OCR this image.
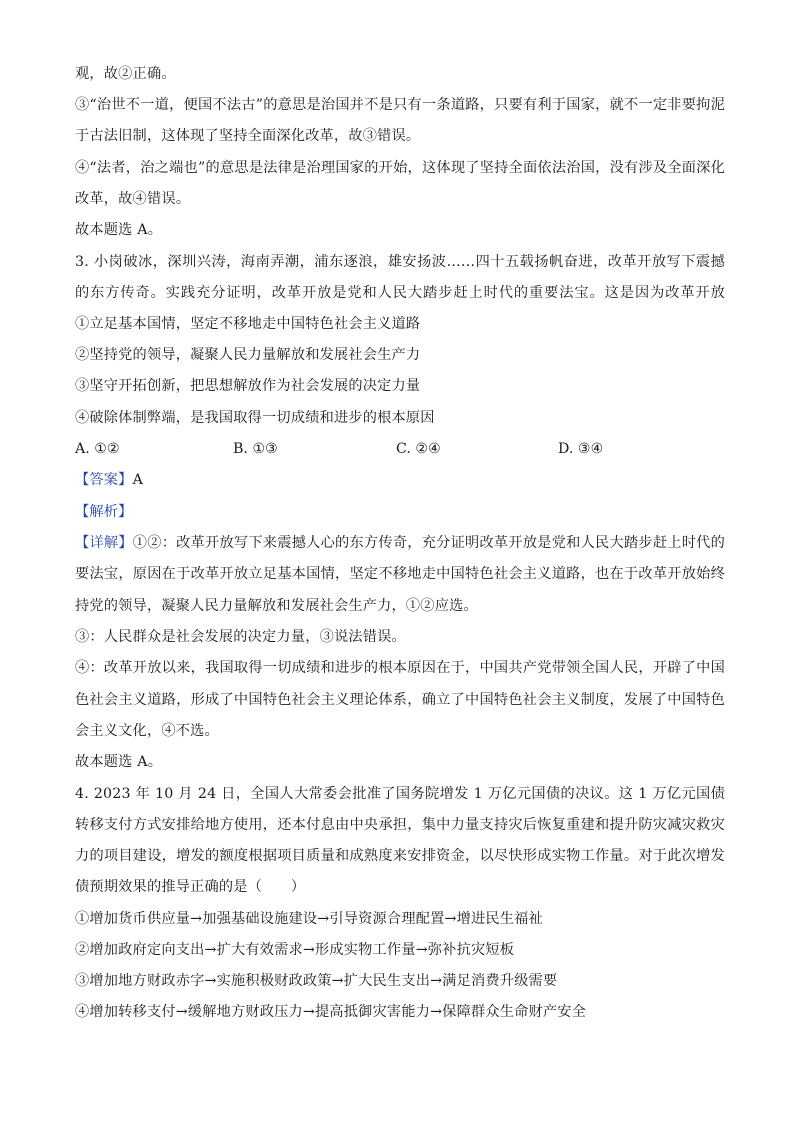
观，故②正确。
③“治世不一道，便国不法古”的意思是治国并不是只有一条道路，只要有利于国家，就不一定非要拘泥
于古法旧制，这体现了坚持全面深化改革，故③错误。
④“法者，治之端也”的意思是法律是治理国家的开始，这体现了坚持全面依法治国，没有涉及全面深化
改革，故④错误。
故本题选 A。
3. 小岗破冰，深圳兴涛，海南弄潮，浦东逐浪，雄安扬波……四十五载扬帆奋进，改革开放写下震撼
的东方传奇。实践充分证明，改革开放是党和人民大踏步赶上时代的重要法宝。这是因为改革开放　　
①立足基本国情，坚定不移地走中国特色社会主义道路
②坚持党的领导，凝聚人民力量解放和发展社会生产力
③坚守开拓创新，把思想解放作为社会发展的决定力量
④破除体制弊端，是我国取得一切成绩和进步的根本原因
A. ①②	B. ①③	C. ②④	D. ③④
【答案】A
【解析】
【详解】①②：改革开放写下来震撼人心的东方传奇，充分证明改革开放是党和人民大踏步赶上时代的
要法宝，原因在于改革开放立足基本国情，坚定不移地走中国特色社会主义道路，也在于改革开放始终
持党的领导，凝聚人民力量解放和发展社会生产力，①②应选。
③：人民群众是社会发展的决定力量，③说法错误。
④：改革开放以来，我国取得一切成绩和进步的根本原因在于，中国共产党带领全国人民，开辟了中国
色社会主义道路，形成了中国特色社会主义理论体系，确立了中国特色社会主义制度，发展了中国特色
会主义文化，④不选。
故本题选 A。
4. 2023 年 10 月 24 日，全国人大常委会批准了国务院增发 1 万亿元国债的决议。这 1 万亿元国债
转移支付方式安排给地方使用，还本付息由中央承担，集中力量支持灾后恢复重建和提升防灾减灾救灾
力的项目建设，增发的额度根据项目质量和成熟度来安排资金，以尽快形成实物工作量。对于此次增发
债预期效果的推导正确的是（　　）
①增加货币供应量→加强基础设施建设→引导资源合理配置→增进民生福祉
②增加政府定向支出→扩大有效需求→形成实物工作量→弥补抗灾短板
③增加地方财政赤字→实施积极财政政策→扩大民生支出→满足消费升级需要
④增加转移支付→缓解地方财政压力→提高抵御灾害能力→保障群众生命财产安全
